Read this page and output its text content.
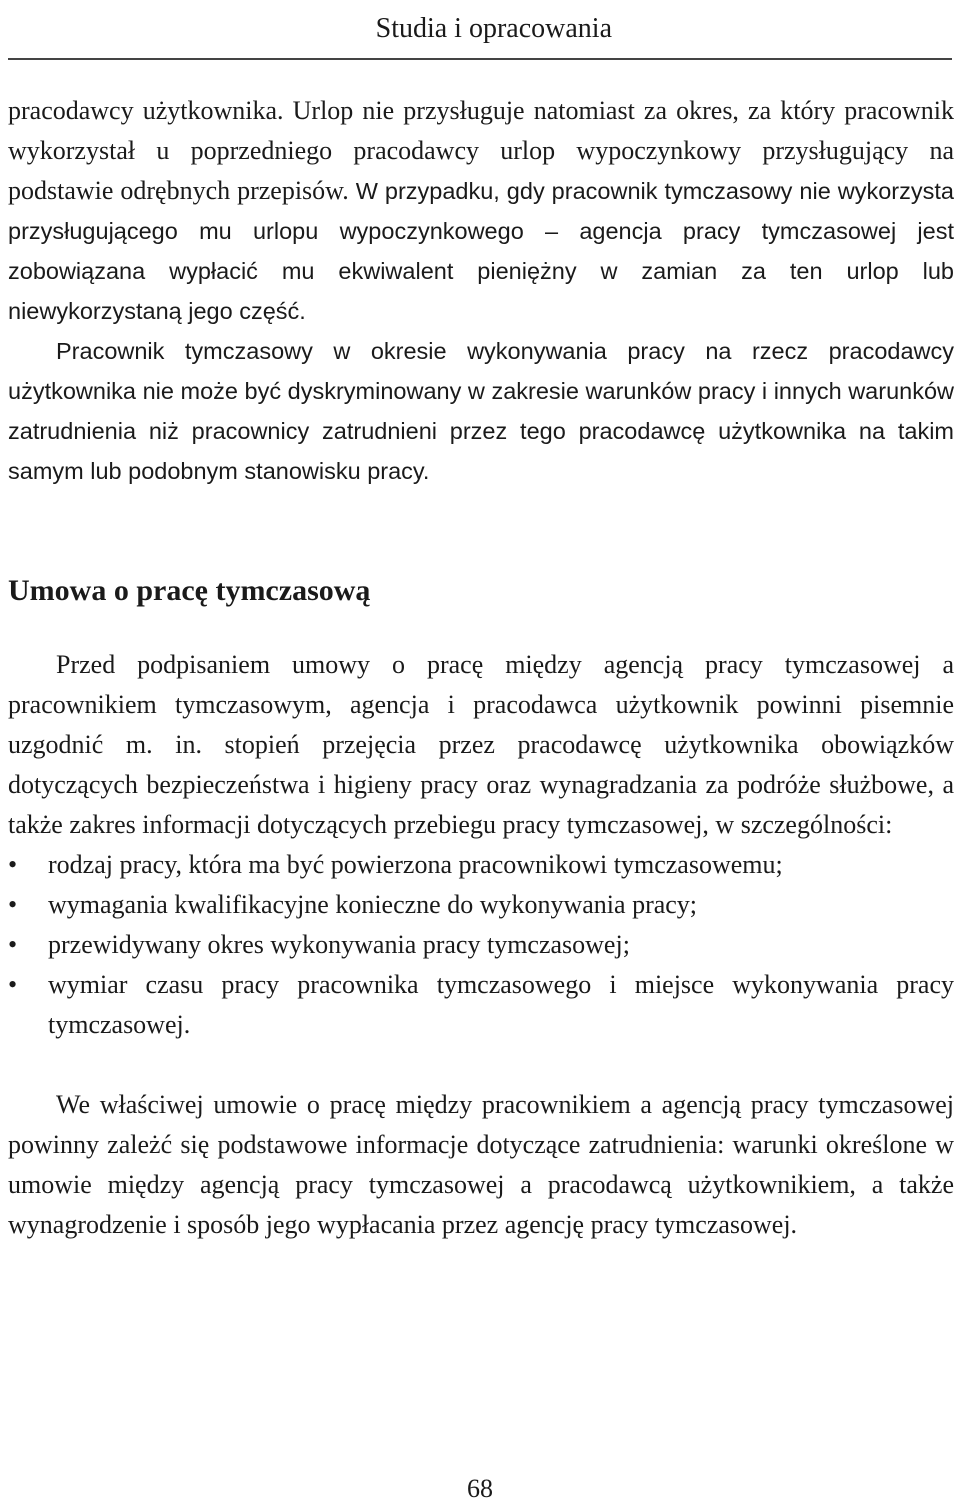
Studia i opracowania

pracodawcy użytkownika. Urlop nie przysługuje natomiast za okres, za który pracownik wykorzystał u poprzedniego pracodawcy urlop wypoczynkowy przysługujący na podstawie odrębnych przepisów. W przypadku, gdy pracownik tymczasowy nie wykorzysta przysługującego mu urlopu wypoczynkowego – agencja pracy tymczasowej jest zobowiązana wypłacić mu ekwiwalent pieniężny w zamian za ten urlop lub niewykorzystaną jego część.

Pracownik tymczasowy w okresie wykonywania pracy na rzecz pracodawcy użytkownika nie może być dyskryminowany w zakresie warunków pracy i innych warunków zatrudnienia niż pracownicy zatrudnieni przez tego pracodawcę użytkownika na takim samym lub podobnym stanowisku pracy.

Umowa o pracę tymczasową

Przed podpisaniem umowy o pracę między agencją pracy tymczasowej a pracownikiem tymczasowym, agencja i pracodawca użytkownik powinni pisemnie uzgodnić m. in. stopień przejęcia przez pracodawcę użytkownika obowiązków dotyczących bezpieczeństwa i higieny pracy oraz wynagradzania za podróże służbowe, a także zakres informacji dotyczących przebiegu pracy tymczasowej, w szczególności:

• rodzaj pracy, która ma być powierzona pracownikowi tymczasowemu;
• wymagania kwalifikacyjne konieczne do wykonywania pracy;
• przewidywany okres wykonywania pracy tymczasowej;
• wymiar czasu pracy pracownika tymczasowego i miejsce wykonywania pracy tymczasowej.

We właściwej umowie o pracę między pracownikiem a agencją pracy tymczasowej powinny zależć się podstawowe informacje dotyczące zatrudnienia: warunki określone w umowie między agencją pracy tymczasowej a pracodawcą użytkownikiem, a także wynagrodzenie i sposób jego wypłacania przez agencję pracy tymczasowej.

68
